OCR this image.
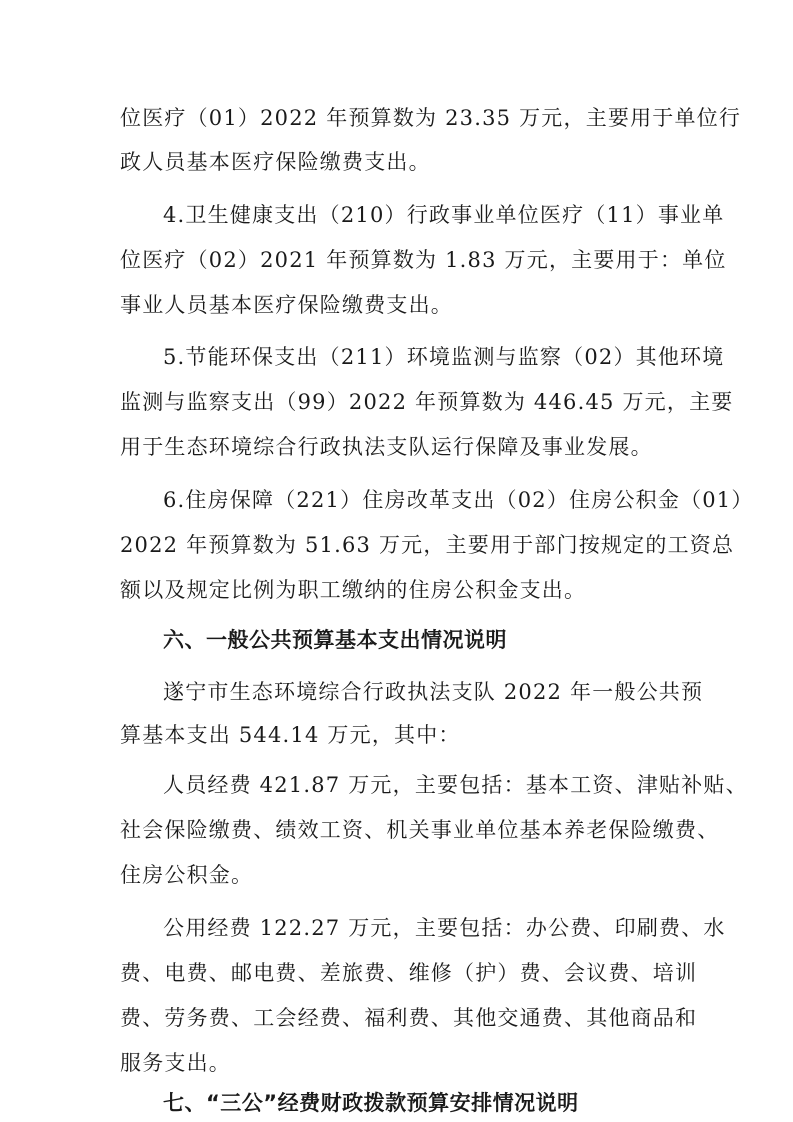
位医疗（01）2022 年预算数为 23.35 万元，主要用于单位行
政人员基本医疗保险缴费支出。
4.卫生健康支出（210）行政事业单位医疗（11）事业单
位医疗（02）2021 年预算数为 1.83 万元，主要用于：单位
事业人员基本医疗保险缴费支出。
5.节能环保支出（211）环境监测与监察（02）其他环境
监测与监察支出（99）2022 年预算数为 446.45 万元，主要
用于生态环境综合行政执法支队运行保障及事业发展。
6.住房保障（221）住房改革支出（02）住房公积金（01）
2022 年预算数为 51.63 万元，主要用于部门按规定的工资总
额以及规定比例为职工缴纳的住房公积金支出。
六、一般公共预算基本支出情况说明
遂宁市生态环境综合行政执法支队 2022 年一般公共预
算基本支出 544.14 万元，其中：
人员经费 421.87 万元，主要包括：基本工资、津贴补贴、
社会保险缴费、绩效工资、机关事业单位基本养老保险缴费、
住房公积金。
公用经费 122.27 万元，主要包括：办公费、印刷费、水
费、电费、邮电费、差旅费、维修（护）费、会议费、培训
费、劳务费、工会经费、福利费、其他交通费、其他商品和
服务支出。
七、“三公”经费财政拨款预算安排情况说明
